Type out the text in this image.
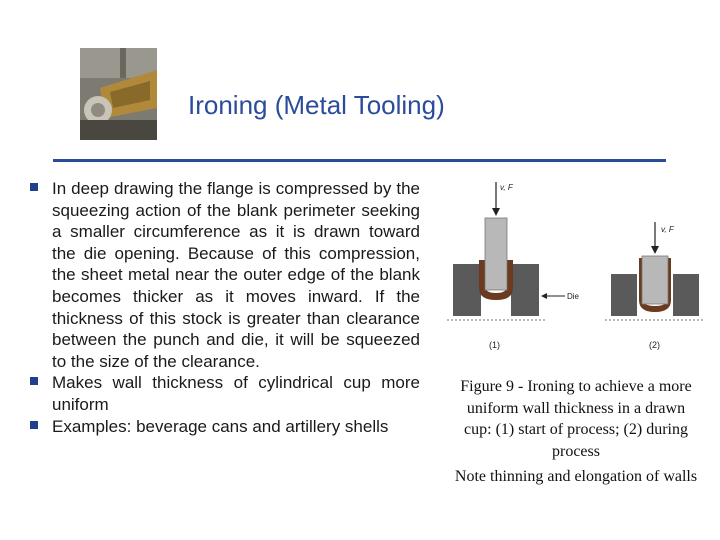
Ironing (Metal Tooling)
In deep drawing the flange is compressed by the squeezing action of the blank perimeter seeking a smaller circumference as it is drawn toward the die opening. Because of this compression, the sheet metal near the outer edge of the blank becomes thicker as it moves inward. If the thickness of this stock is greater than clearance between the punch and die, it will be squeezed to the size of the clearance.
Makes wall thickness of cylindrical cup more uniform
Examples: beverage cans and artillery shells
v, F
(1)
Die
v, F
(2)

Figure 9 ‑ Ironing to achieve a more uniform wall thickness in a drawn cup: (1) start of process; (2) during process

Note thinning and elongation of walls
